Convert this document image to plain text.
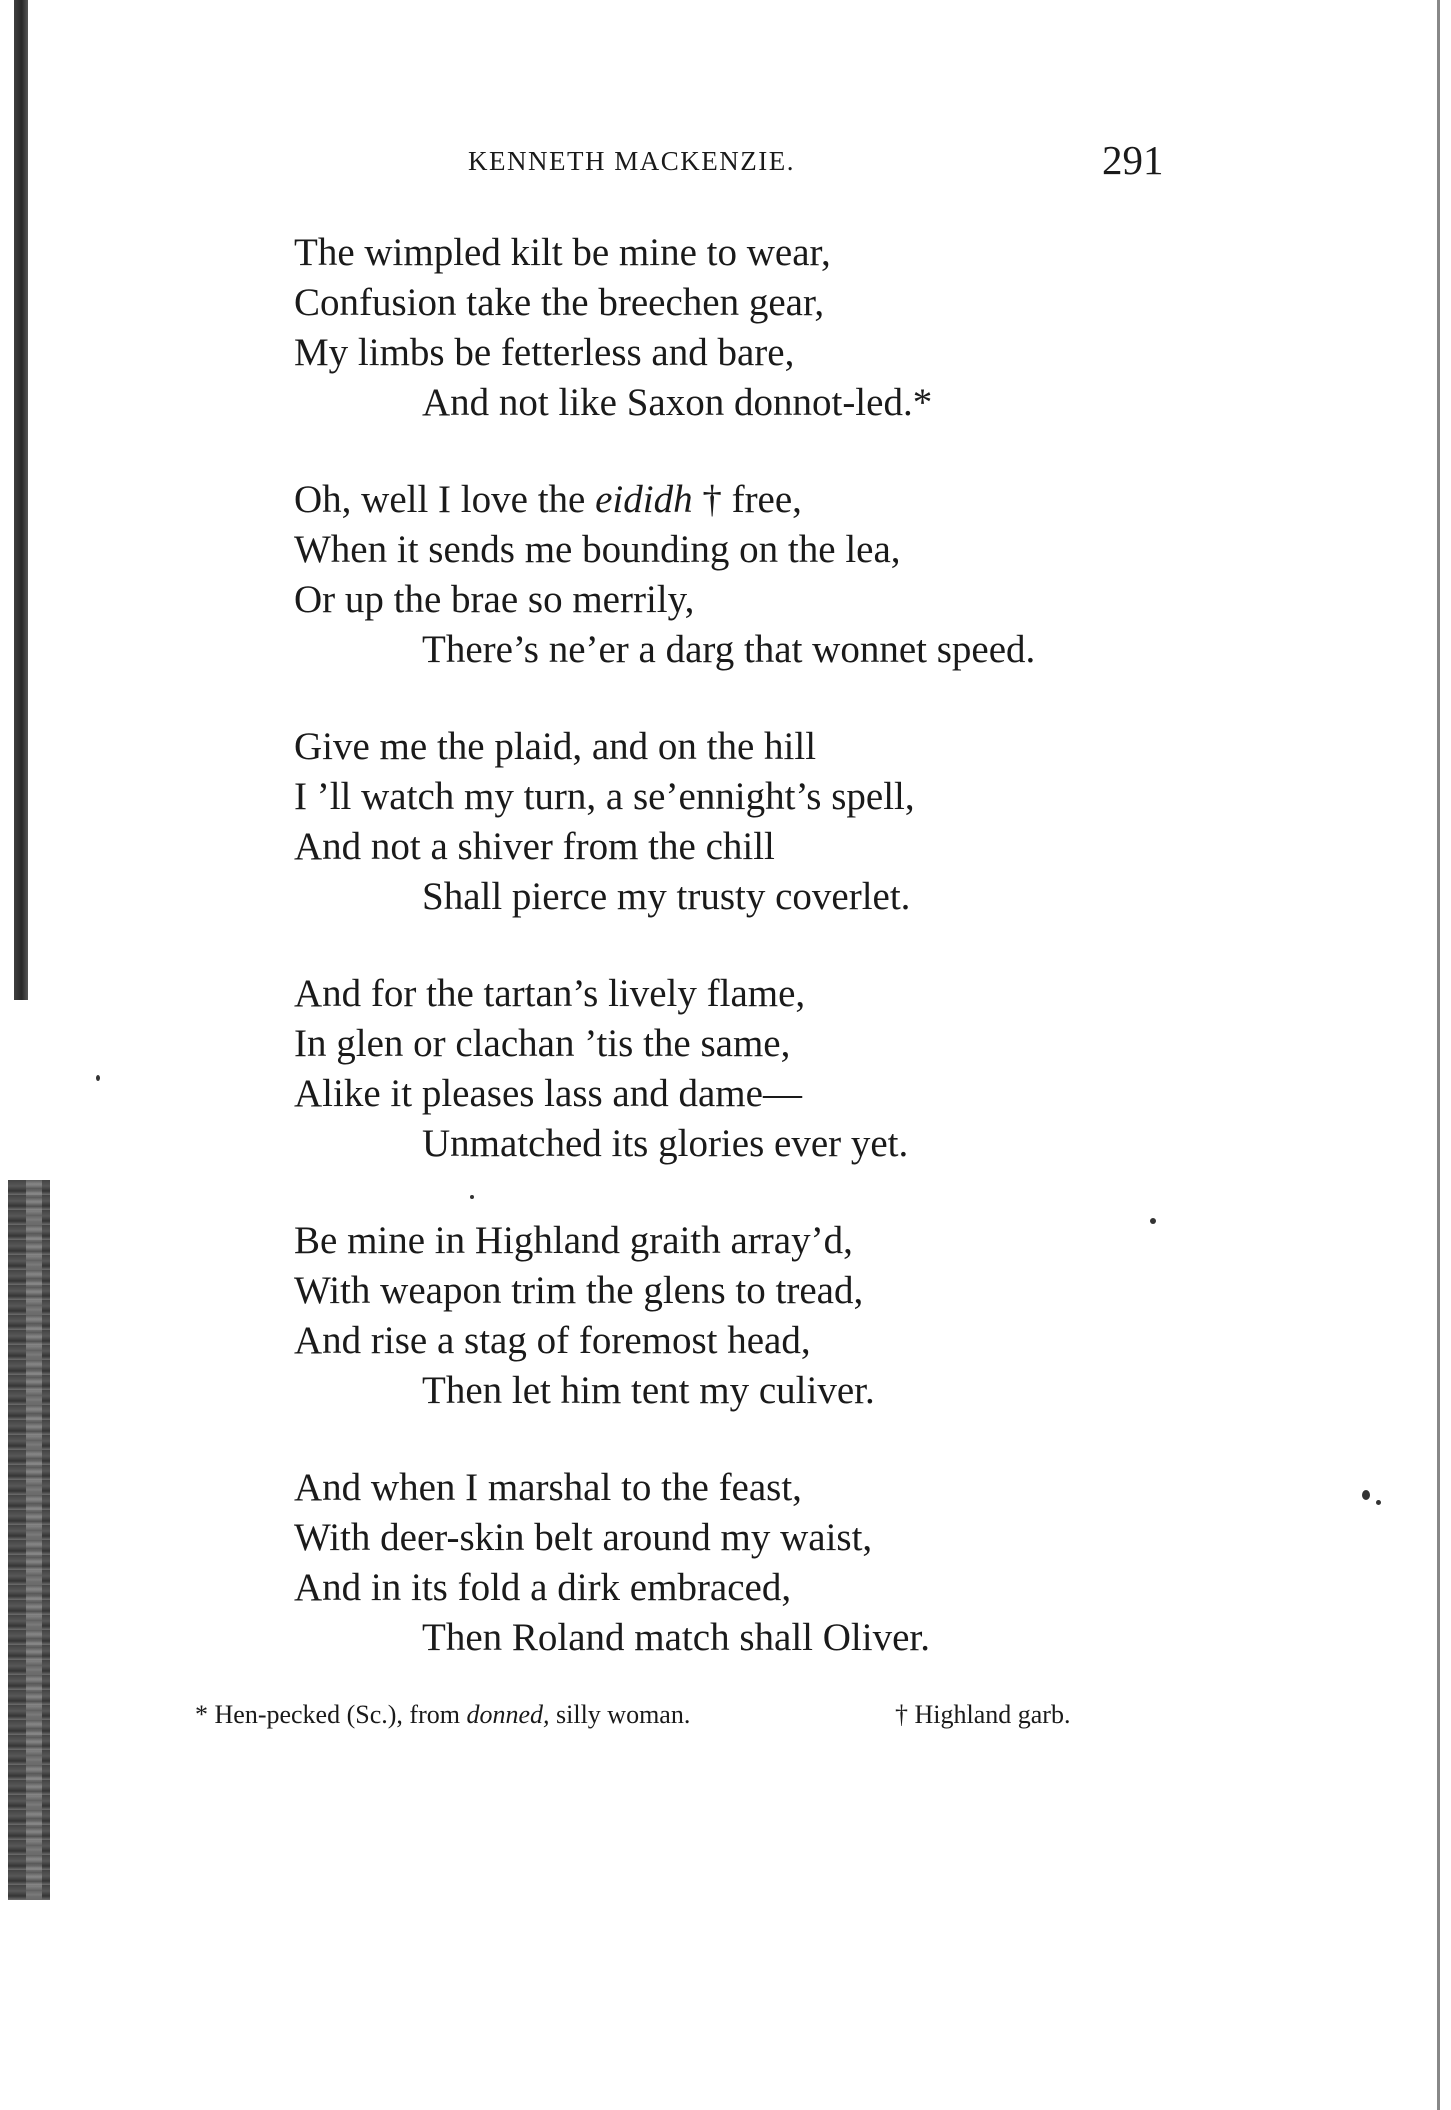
KENNETH MACKENZIE.	291
The wimpled kilt be mine to wear,
Confusion take the breechen gear,
My limbs be fetterless and bare,
And not like Saxon donnot-led.*
Oh, well I love the eididh † free,
When it sends me bounding on the lea,
Or up the brae so merrily,
There’s ne’er a darg that wonnet speed.
Give me the plaid, and on the hill
I ’ll watch my turn, a se’ennight’s spell,
And not a shiver from the chill
Shall pierce my trusty coverlet.
And for the tartan’s lively flame,
In glen or clachan ’tis the same,
Alike it pleases lass and dame—
Unmatched its glories ever yet.
Be mine in Highland graith array’d,
With weapon trim the glens to tread,
And rise a stag of foremost head,
Then let him tent my culiver.
And when I marshal to the feast,
With deer-skin belt around my waist,
And in its fold a dirk embraced,
Then Roland match shall Oliver.
* Hen-pecked (Sc.), from donned, silly woman.	† Highland garb.
